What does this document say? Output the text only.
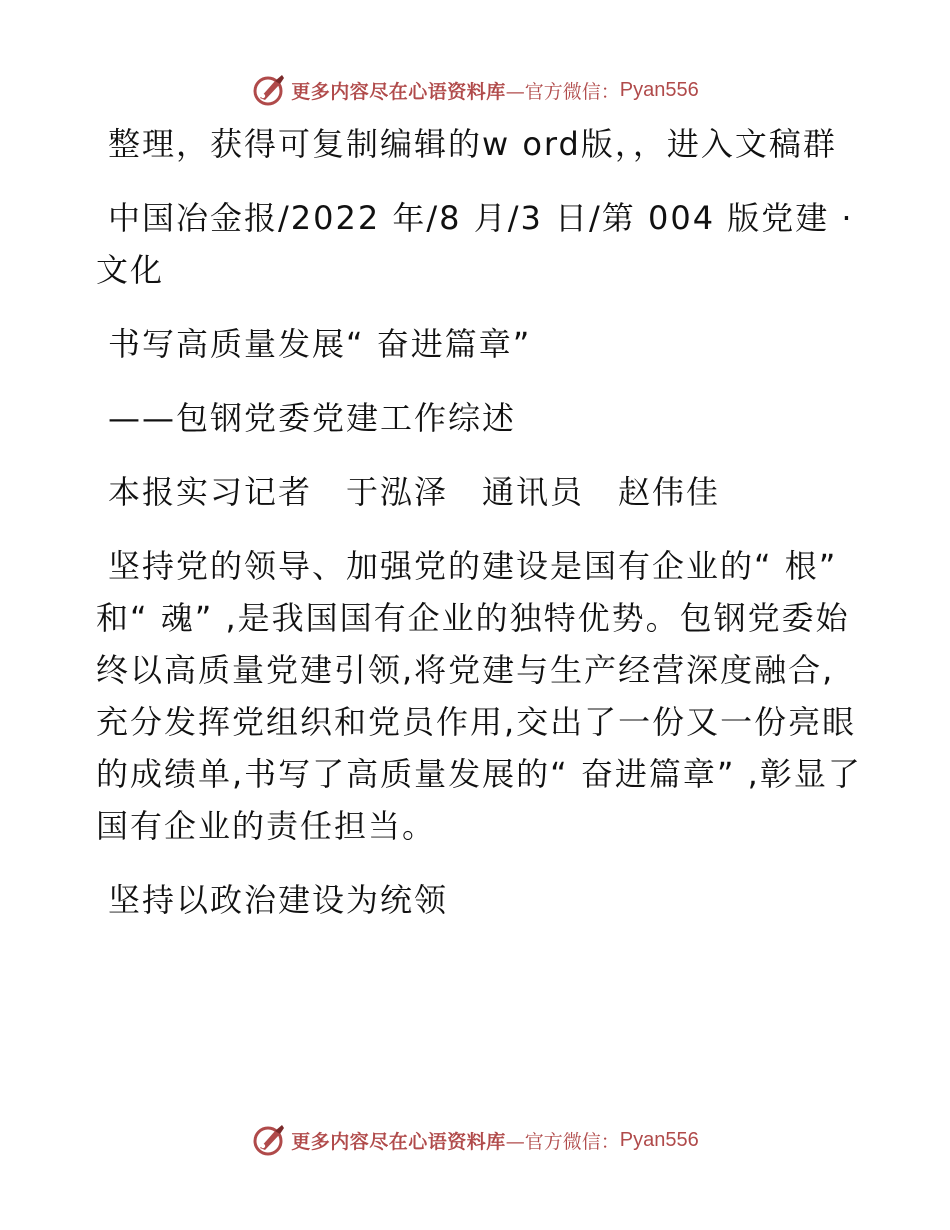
更多内容尽在心语资料库 —官方微信： Pyan556

整理，获得可复制编辑的w ord版，，进入文稿群

中国冶金报/2022 年/8 月/3 日/第 004 版党建 · 文化

书写高质量发展“ 奋进篇章”

——包钢党委党建工作综述

本报实习记者　于泓泽　通讯员　赵伟佳

坚持党的领导、加强党的建设是国有企业的“ 根” 和“ 魂” ,是我国国有企业的独特优势。包钢党委始终以高质量党建引领,将党建与生产经营深度融合,充分发挥党组织和党员作用,交出了一份又一份亮眼的成绩单,书写了高质量发展的“ 奋进篇章” ,彰显了国有企业的责任担当。

坚持以政治建设为统领

更多内容尽在心语资料库 —官方微信： Pyan556
